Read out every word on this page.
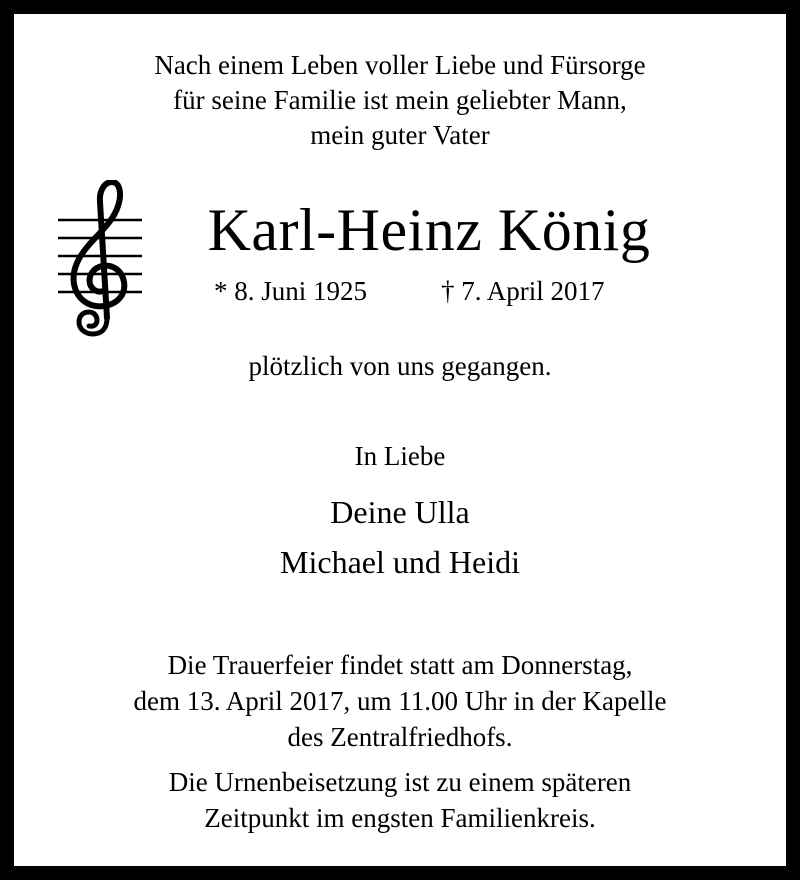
Nach einem Leben voller Liebe und Fürsorge
für seine Familie ist mein geliebter Mann,
mein guter Vater
Karl-Heinz König
* 8. Juni 1925	† 7. April 2017
plötzlich von uns gegangen.
In Liebe
Deine Ulla
Michael und Heidi
Die Trauerfeier findet statt am Donnerstag,
dem 13. April 2017, um 11.00 Uhr in der Kapelle
des Zentralfriedhofs.
Die Urnenbeisetzung ist zu einem späteren
Zeitpunkt im engsten Familienkreis.
